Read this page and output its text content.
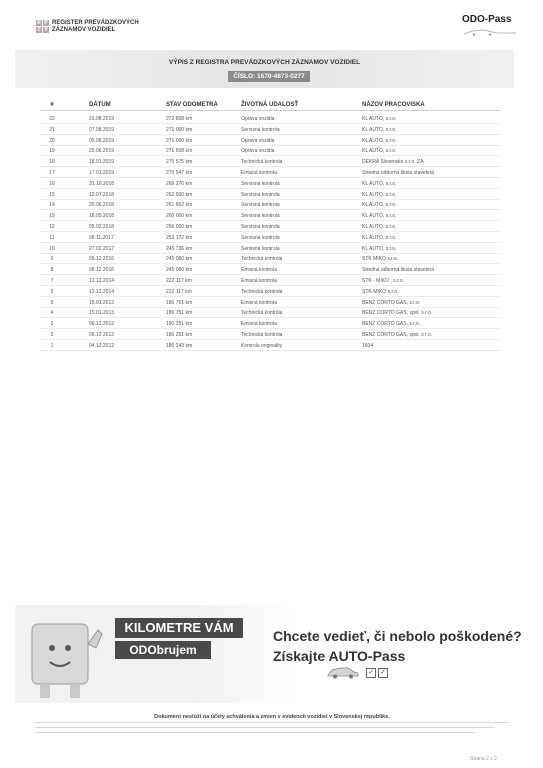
R P
Z V
REGISTER PREVÁDZKOVÝCH
ZÁZNAMOV VOZIDIEL
ODO-Pass
VÝPIS Z REGISTRA PREVÁDZKOVÝCH ZÁZNAMOV VOZIDIEL
ČÍSLO: 1670-4873-0277
#	DÁTUM	STAV ODOMETRA	ŽIVOTNÁ UDALOSŤ	NÁZOV PRACOVISKA
22	23.08.2019	272 898 km	Oprava vozidla	KL AUTO, s.r.o.
21	07.08.2019	271 000 km	Servisná kontrola	KL AUTO, s.r.o.
20	05.08.2019	271 000 km	Oprava vozidla	KL AUTO, s.r.o.
19	29.06.2019	271 508 km	Oprava vozidla	KL AUTO, s.r.o.
18	18.01.2019	270 575 km	Technická kontrola	DEKRA Slovensko s.r.o. ZA
17	17.01.2019	270 547 km	Emisná kontrola	Stredná odborná škola stavebná
16	31.10.2018	269 276 km	Servisná kontrola	KL AUTO, s.r.o.
15	13.07.2018	262 500 km	Servisná kontrola	KL AUTO, s.r.o.
14	20.06.2018	261 662 km	Servisná kontrola	KL AUTO, s.r.o.
13	18.05.2018	260 000 km	Servisná kontrola	KL AUTO, s.r.o.
12	05.02.2018	256 000 km	Servisná kontrola	KL AUTO, s.r.o.
11	08.11.2017	253 172 km	Servisná kontrola	KL AUTO, s.r.o.
10	27.02.2017	245 736 km	Servisná kontrola	KL AUTO, s.r.o.
9	09.12.2016	245 080 km	Technická kontrola	STK MIKO s.r.o.
8	08.12.2016	245 080 km	Emisná kontrola	Stredná odborná škola stavebná
7	12.12.2014	222 117 km	Emisná kontrola	STK - MIKO , s.r.o.
6	12.12.2014	222 117 km	Technická kontrola	STK-MIKO s.r.o.
5	15.01.2013	180 751 km	Emisná kontrola	BENZ CORTO GAS, s.r.o.
4	15.01.2013	180 751 km	Technická kontrola	BENZ CORTO GAS, spol. s r.o.
3	06.12.2012	180 251 km	Emisná kontrola	BENZ CORTO GAS, s.r.o.
2	06.12.2012	180 251 km	Technická kontrola	BENZ CORTO GAS, spol. s r.o.
1	04.12.2012	180 243 km	Kontrola originality	1604
KILOMETRE VÁM
ODObrujem
Chcete vedieť, či nebolo poškodené?
Získajte AUTO-Pass
✓ ✓
Dokument neslúži na účely schválenia a zmien v evidencii vozidiel v Slovenskej republike.
Strana 2 z 2
